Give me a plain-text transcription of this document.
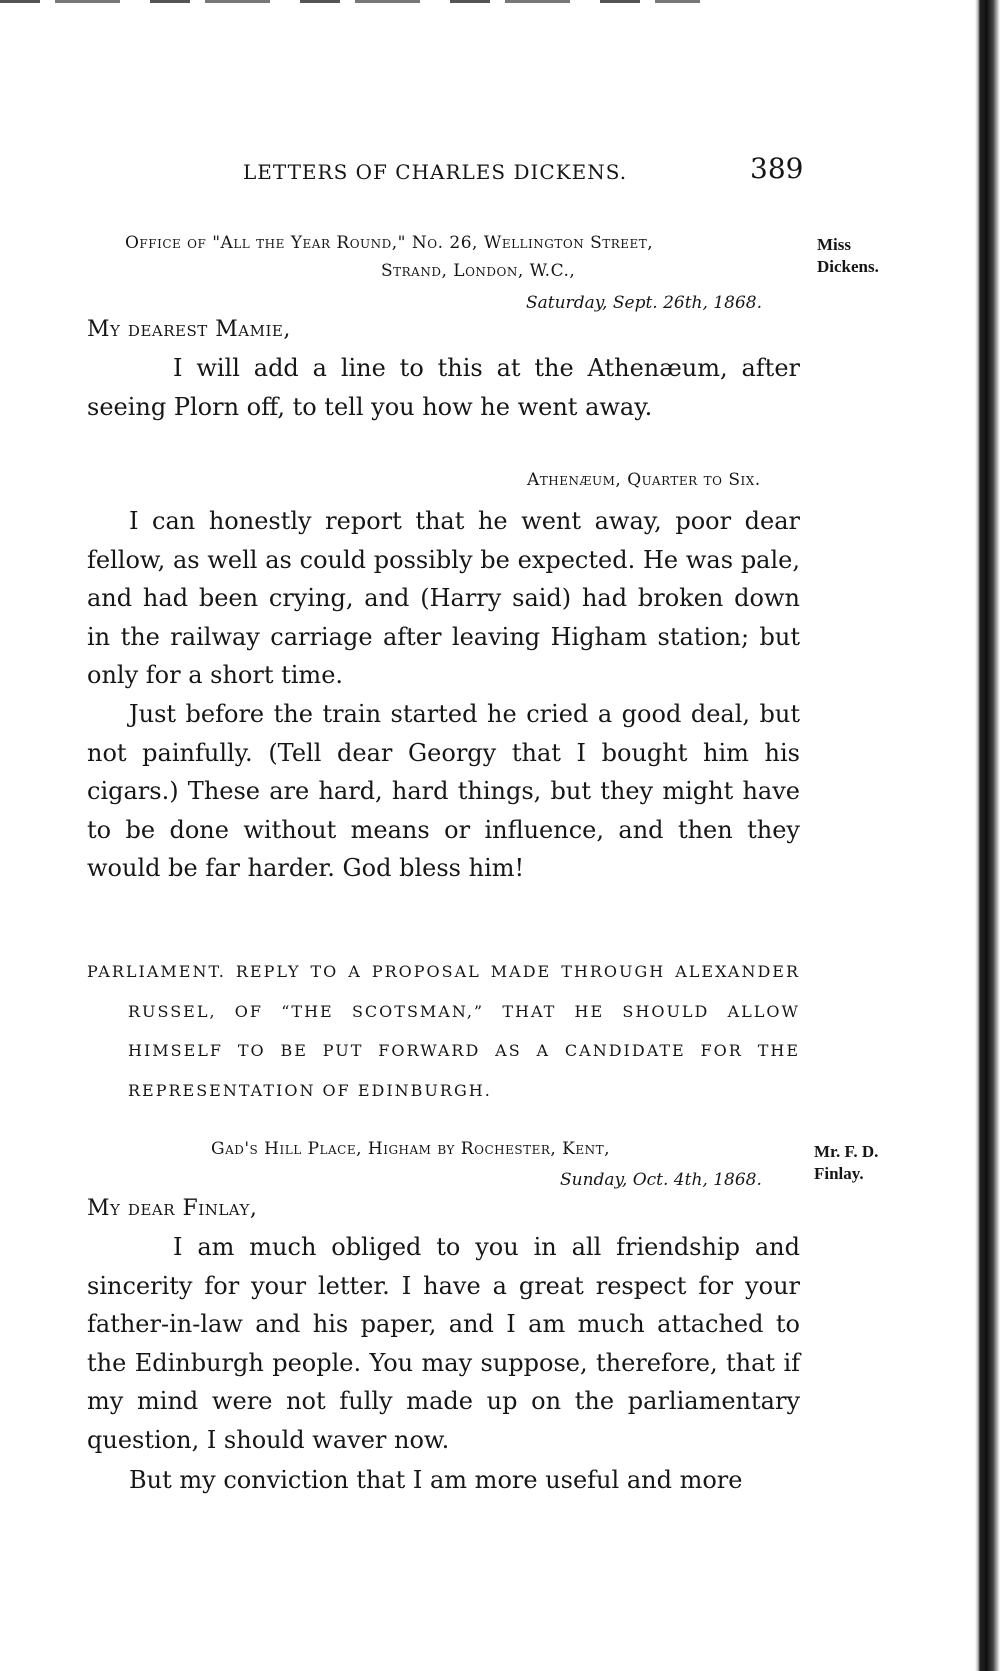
LETTERS OF CHARLES DICKENS.	389
Office of "All the Year Round," No. 26, Wellington Street,
Strand, London, W.C.,
Saturday, Sept. 26th, 1868.
Miss
Dickens.
My dearest Mamie,
I will add a line to this at the Athenæum, after seeing Plorn off, to tell you how he went away.
Athenæum, Quarter to Six.
I can honestly report that he went away, poor dear fellow, as well as could possibly be expected. He was pale, and had been crying, and (Harry said) had broken down in the railway carriage after leaving Higham station; but only for a short time.
Just before the train started he cried a good deal, but not painfully. (Tell dear Georgy that I bought him his cigars.) These are hard, hard things, but they might have to be done without means or influence, and then they would be far harder. God bless him!
PARLIAMENT. REPLY TO A PROPOSAL MADE THROUGH ALEXANDER
RUSSEL, OF “THE SCOTSMAN,” THAT HE SHOULD ALLOW
HIMSELF TO BE PUT FORWARD AS A CANDIDATE FOR THE
REPRESENTATION OF EDINBURGH.
Gad's Hill Place, Higham by Rochester, Kent,
Sunday, Oct. 4th, 1868.
Mr. F. D.
Finlay.
My dear Finlay,
I am much obliged to you in all friendship and sincerity for your letter. I have a great respect for your father-in-law and his paper, and I am much attached to the Edinburgh people. You may suppose, therefore, that if my mind were not fully made up on the parliamentary question, I should waver now.
But my conviction that I am more useful and more
